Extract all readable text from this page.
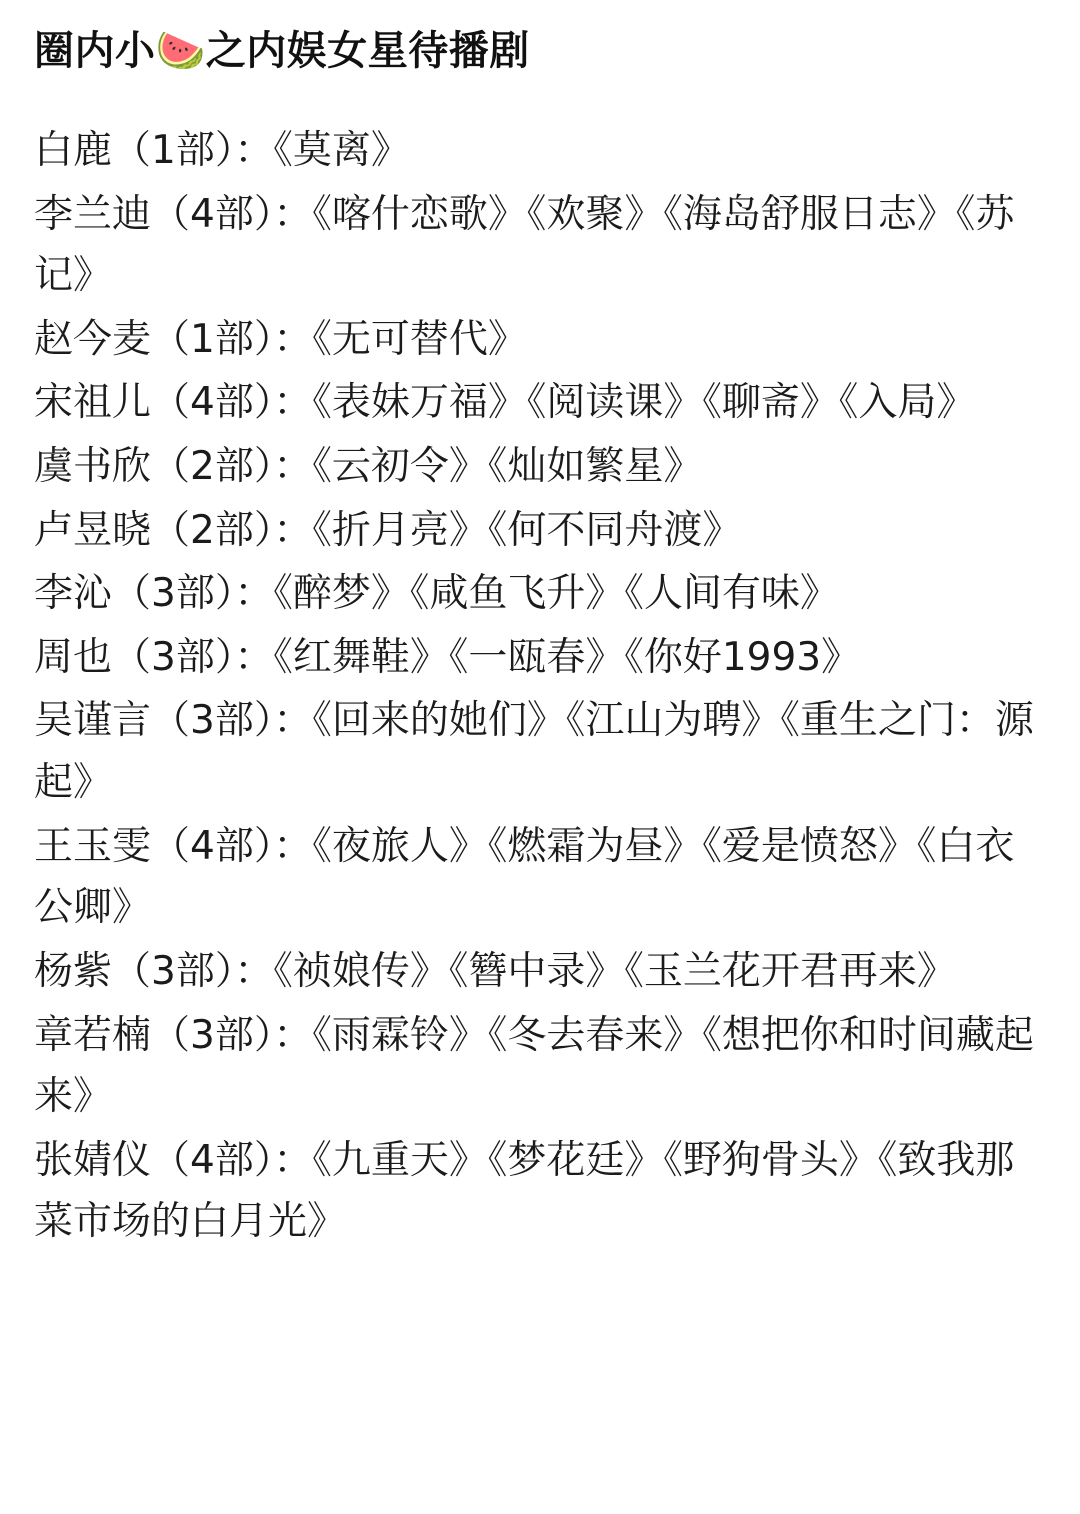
圈内小🍉之内娱女星待播剧

白鹿（1部）：《莫离》

李兰迪（4部）：《喀什恋歌》《欢聚》《海岛舒服日志》《苏记》

赵今麦（1部）：《无可替代》

宋祖儿（4部）：《表妹万福》《阅读课》《聊斋》《入局》

虞书欣（2部）：《云初令》《灿如繁星》

卢昱晓（2部）：《折月亮》《何不同舟渡》

李沁（3部）：《醉梦》《咸鱼飞升》《人间有味》

周也（3部）：《红舞鞋》《一瓯春》《你好1993》

吴谨言（3部）：《回来的她们》《江山为聘》《重生之门：源起》

王玉雯（4部）：《夜旅人》《燃霜为昼》《爱是愤怒》《白衣公卿》

杨紫（3部）：《祯娘传》《簪中录》《玉兰花开君再来》

章若楠（3部）：《雨霖铃》《冬去春来》《想把你和时间藏起来》

张婧仪（4部）：《九重天》《梦花廷》《野狗骨头》《致我那菜市场的白月光》
